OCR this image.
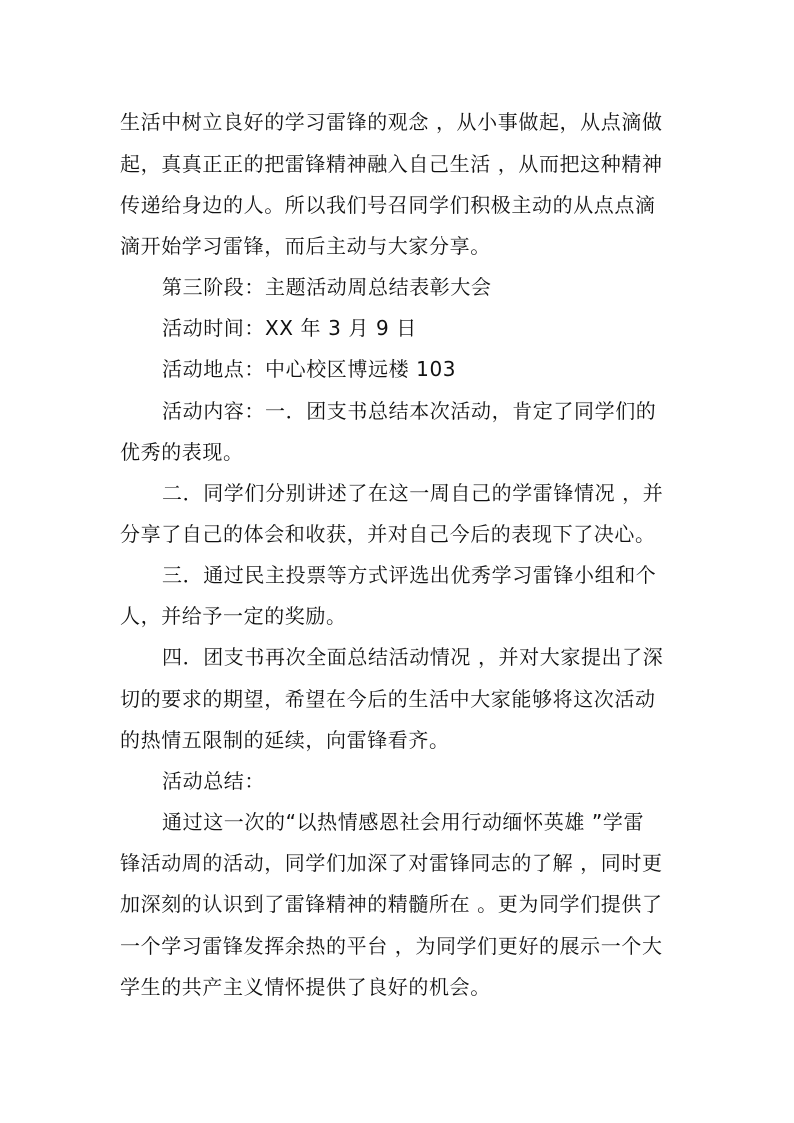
生活中树立良好的学习雷锋的观念 ，从小事做起，从点滴做
起，真真正正的把雷锋精神融入自己生活 ，从而把这种精神
传递给身边的人。所以我们号召同学们积极主动的从点点滴
滴开始学习雷锋，而后主动与大家分享。
第三阶段：主题活动周总结表彰大会
活动时间：XX 年 3 月 9 日
活动地点：中心校区博远楼 103
活动内容：一．团支书总结本次活动，肯定了同学们的
优秀的表现。
二．同学们分别讲述了在这一周自己的学雷锋情况 ，并
分享了自己的体会和收获，并对自己今后的表现下了决心。
三．通过民主投票等方式评选出优秀学习雷锋小组和个
人，并给予一定的奖励。
四．团支书再次全面总结活动情况 ，并对大家提出了深
切的要求的期望，希望在今后的生活中大家能够将这次活动
的热情五限制的延续，向雷锋看齐。
活动总结：
通过这一次的“以热情感恩社会用行动缅怀英雄 ”学雷
锋活动周的活动，同学们加深了对雷锋同志的了解 ，同时更
加深刻的认识到了雷锋精神的精髓所在 。更为同学们提供了
一个学习雷锋发挥余热的平台 ，为同学们更好的展示一个大
学生的共产主义情怀提供了良好的机会。
